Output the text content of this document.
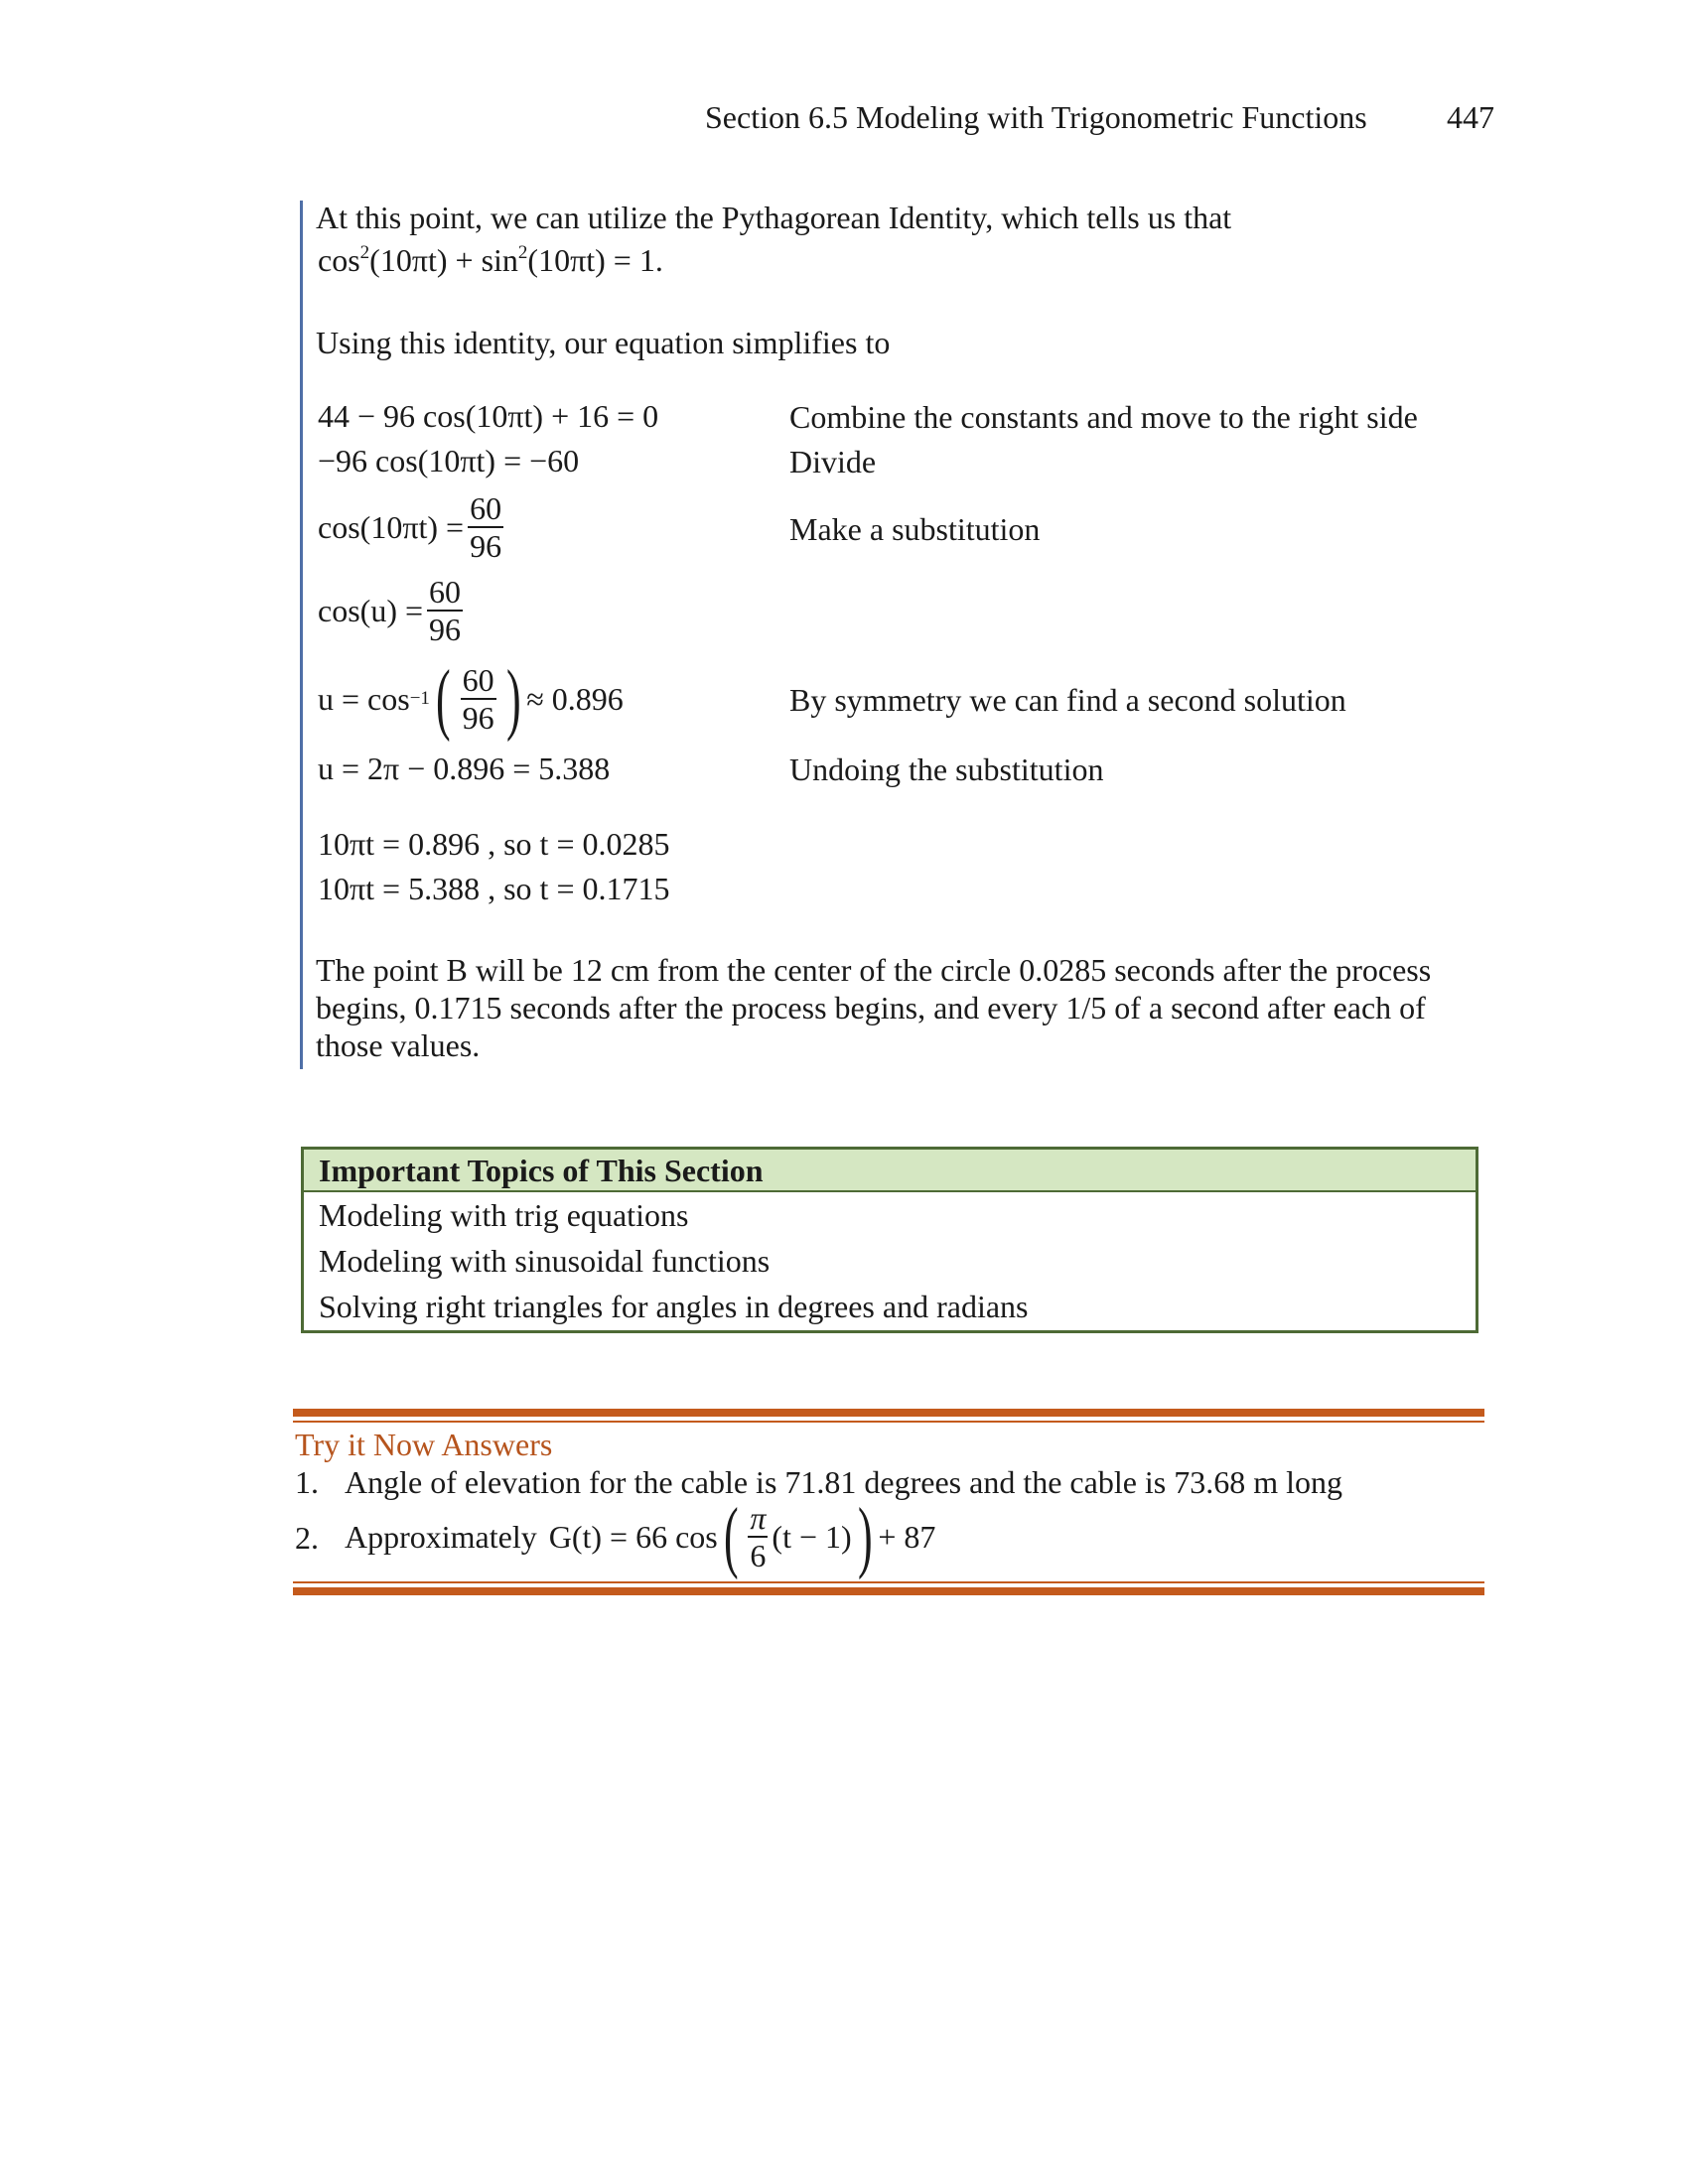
Section 6.5 Modeling with Trigonometric Functions	447
At this point, we can utilize the Pythagorean Identity, which tells us that
$\cos^2(10\pi t) + \sin^2(10\pi t) = 1$.
Using this identity, our equation simplifies to
44 − 96 cos(10πt) + 16 = 0	Combine the constants and move to the right side
−96 cos(10πt) = −60	Divide
$\cos(10\pi t) = \frac{60}{96}$	Make a substitution
$\cos(u) = \frac{60}{96}$
u = cos −1 ( $\frac{60}{96}$ ) ≈ 0.896	By symmetry we can find a second solution
u = 2π − 0.896 = 5.388	Undoing the substitution
10πt = 0.896 , so t = 0.0285
10πt = 5.388 , so t = 0.1715
The point B will be 12 cm from the center of the circle 0.0285 seconds after the process
begins, 0.1715 seconds after the process begins, and every 1/5 of a second after each of
those values.
Important Topics of This Section
Modeling with trig equations
Modeling with sinusoidal functions
Solving right triangles for angles in degrees and radians
Try it Now Answers
1. Angle of elevation for the cable is 71.81 degrees and the cable is 73.68 m long
2. Approximately G(t) = 66 cos ( $\frac{\pi}{6} (t - 1)$ ) + 87
